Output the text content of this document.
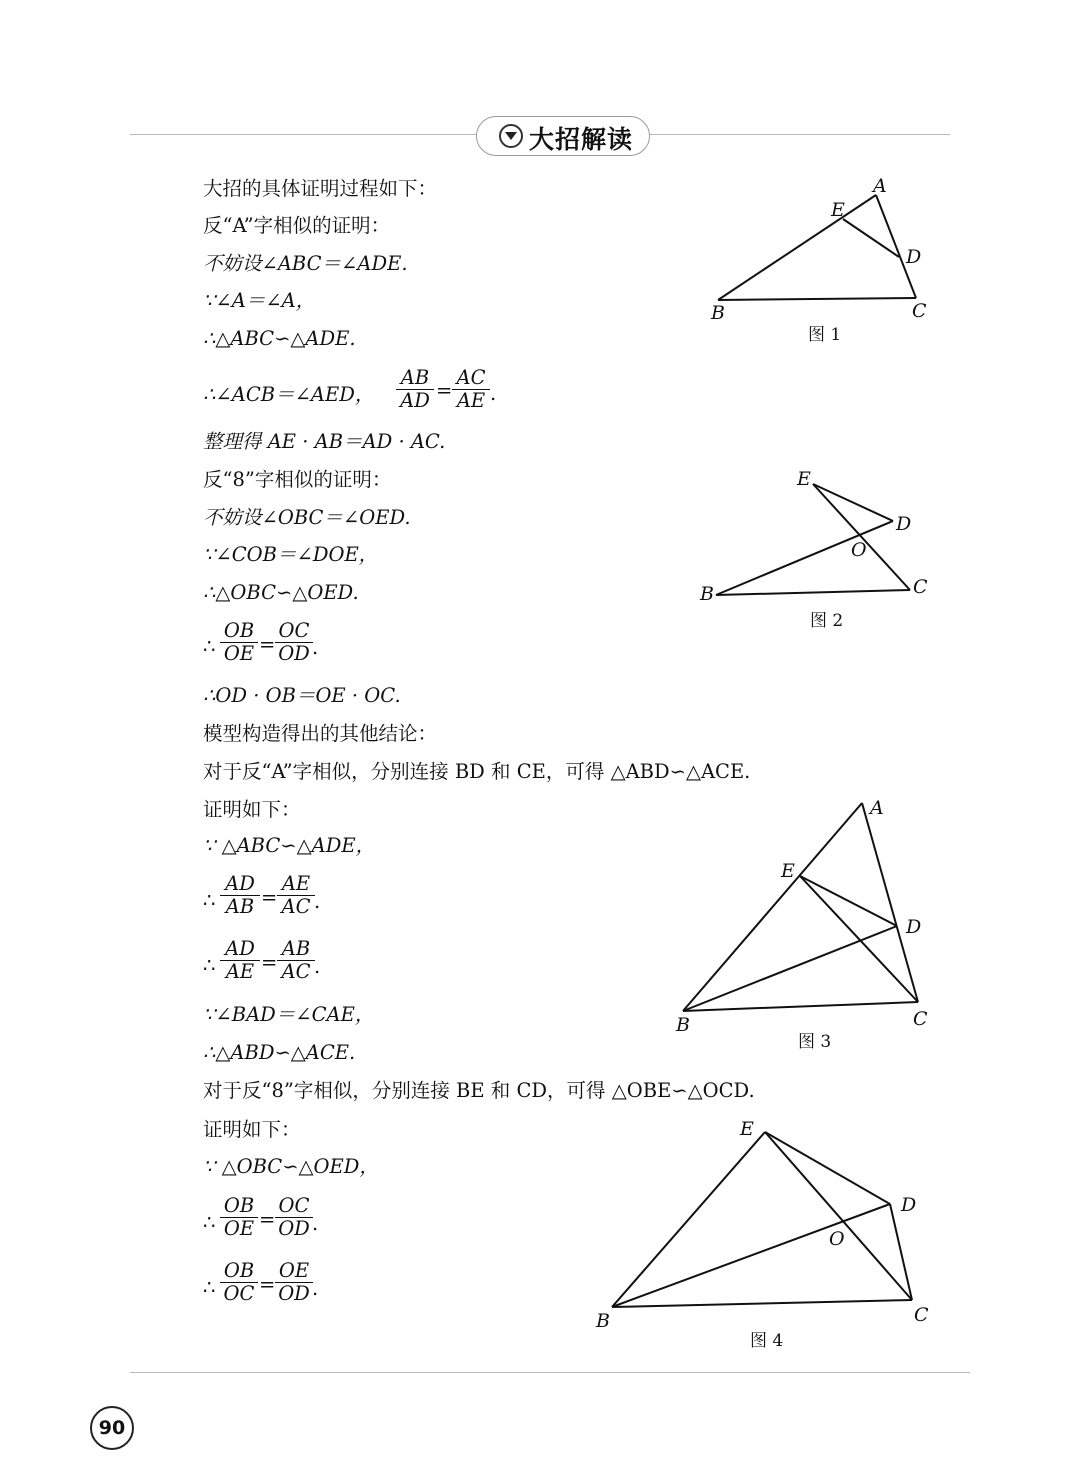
大招解读
大招的具体证明过程如下：
反“A”字相似的证明：
不妨设∠ABC＝∠ADE.
∵∠A＝∠A，
∴△ABC∽△ADE.
∴∠ACB＝∠AED， $\frac{AB}{AD} = \frac{AC}{AE}$ .
整理得 AE · AB＝AD · AC.
反“8”字相似的证明：
不妨设∠OBC＝∠OED.
∵∠COB＝∠DOE，
∴△OBC∽△OED.
∴ $\frac{OB}{OE} = \frac{OC}{OD}$ .
∴OD · OB＝OE · OC.
模型构造得出的其他结论：
对于反“A”字相似，分别连接 BD 和 CE，可得 △ABD∽△ACE.
证明如下：
∵ △ABC∽△ADE，
∴ $\frac{AD}{AB} = \frac{AE}{AC}$ .
∴ $\frac{AD}{AE} = \frac{AB}{AC}$ .
∵∠BAD＝∠CAE，
∴△ABD∽△ACE.
对于反“8”字相似，分别连接 BE 和 CD，可得 △OBE∽△OCD.
证明如下：
∵ △OBC∽△OED，
∴ $\frac{OB}{OE} = \frac{OC}{OD}$ .
∴ $\frac{OB}{OC} = \frac{OE}{OD}$ .
A
E
D
B	C
图 1
E
D
O
B	C
图 2
A
E
D
B	C
图 3
E
D
O
B	C
图 4
90
